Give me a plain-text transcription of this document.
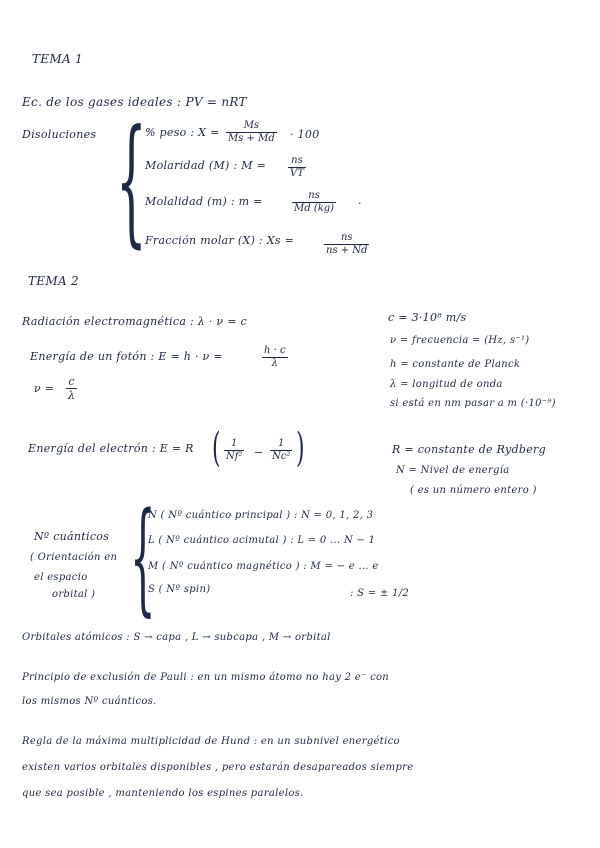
TEMA 1
Ec. de los gases ideales : PV = nRT
Disoluciones {
% peso : $X = \frac{Ms}{Ms + Md} \cdot 100$
Molaridad (M) : $M = \frac{ns}{VT}$
Molalidad (m) : m =	$\frac{ns}{Md (kg)}$ .
Fracción molar (X) : Xs =	$\frac{ns}{ns + Nd}$
TEMA 2
Radiación electromagnética : λ · ν = c
Energía de un fotón : E = h · ν =	$\frac{h \cdot c}{\lambda}$
$\nu = \frac{c}{\lambda}$
c = 3·10⁸ m/s
ν = frecuencia = (Hz, s⁻¹)
h = constante de Planck
λ = longitud de onda
si está en nm pasar a m (·10⁻⁹)
Energía del electrón : E = R ( $\frac{1}{\text{Nf²}} - \frac{1}{\text{Nc²}}$ )	R = constante de Rydberg
N = Nivel de energía
( es un número entero )
Nº cuánticos
( Orientación en
el espacio
orbital ) {
N ( Nº cuántico principal ) : N = 0, 1, 2, 3
L ( Nº cuántico acimutal ) : L = 0 ... N − 1
M ( Nº cuántico magnético ) : M = − e ... e
S ( Nº spin)	: S = ± 1/2
Orbitales atómicos : S → capa , L → subcapa , M → orbital
Principio de exclusión de Pauli : en un mismo átomo no hay 2 e⁻ con
los mismos Nº cuánticos.
Regla de la máxima multiplicidad de Hund : en un subnivel energético
existen varios orbitales disponibles , pero estarán desapareados siempre
que sea posible , manteniendo los espines paralelos.
